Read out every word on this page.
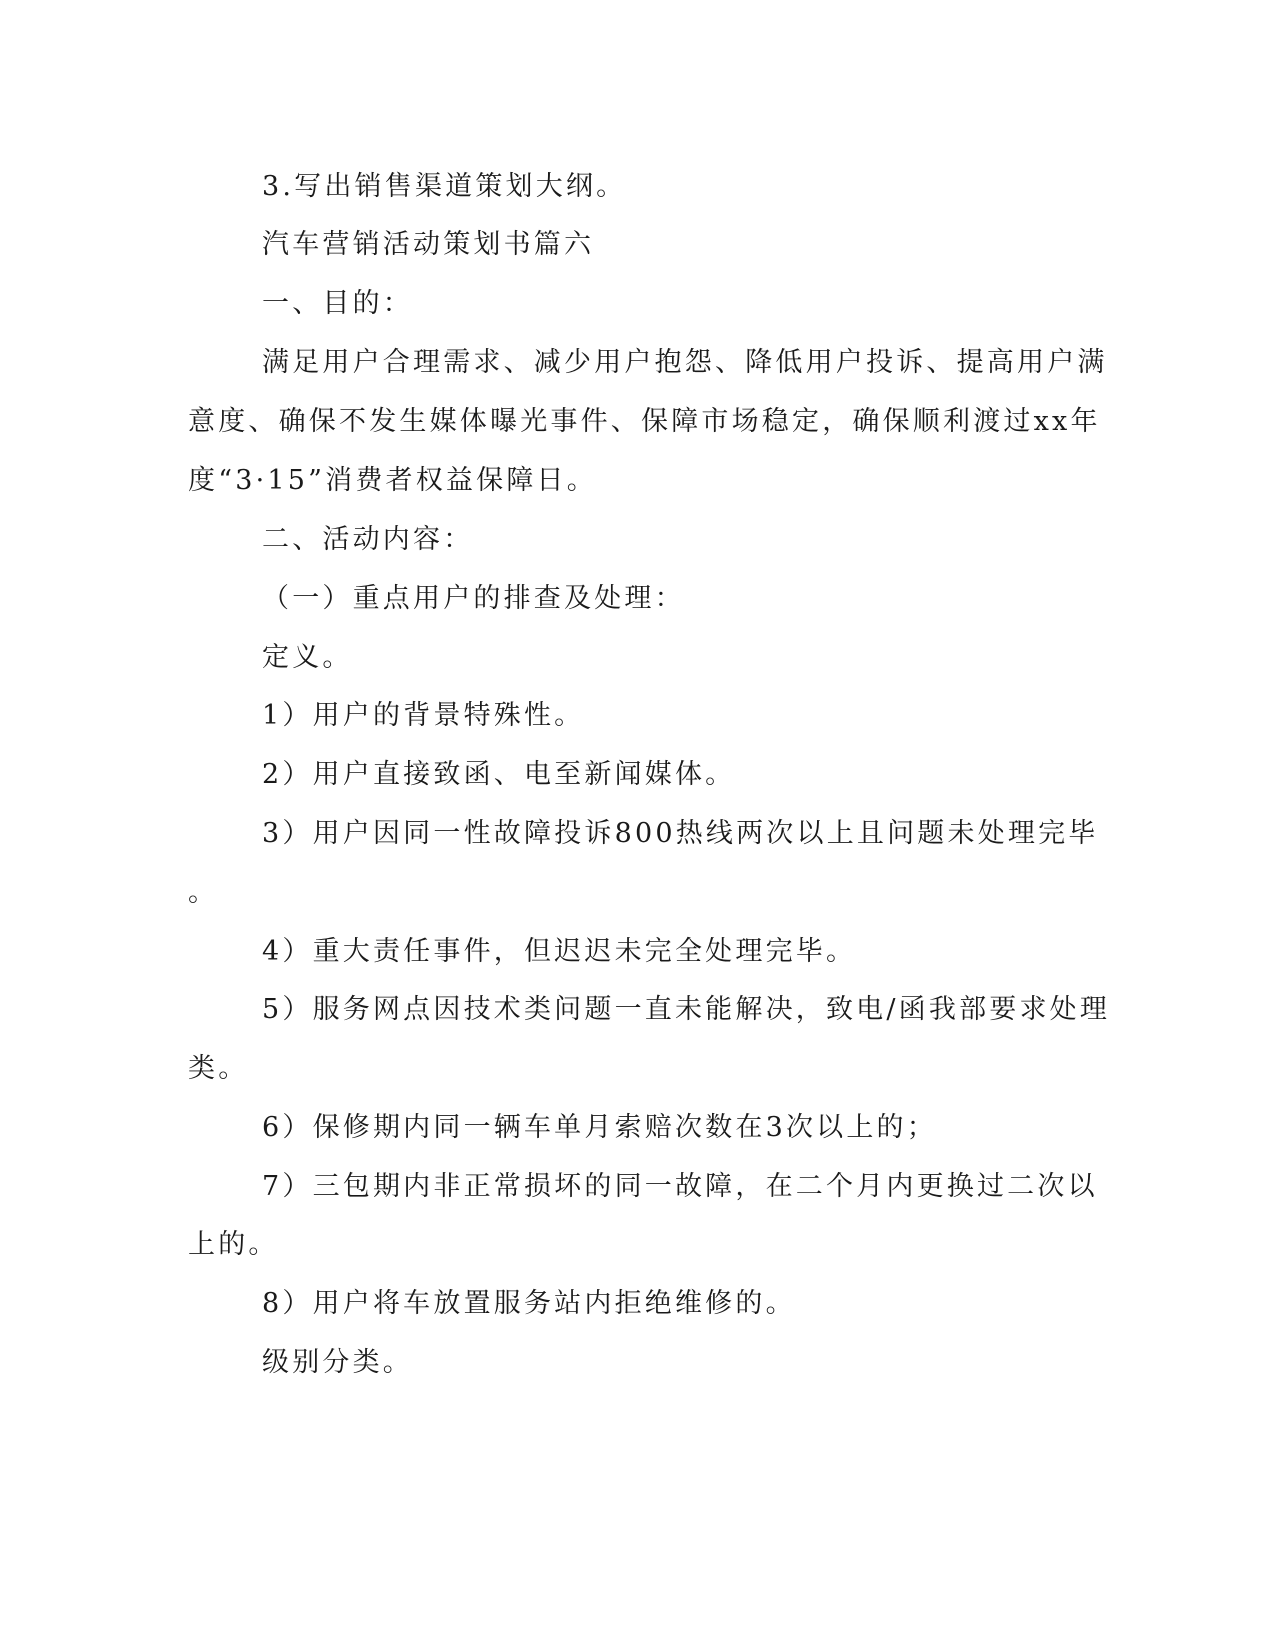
3.写出销售渠道策划大纲。
汽车营销活动策划书篇六
一、目的：
满足用户合理需求、减少用户抱怨、降低用户投诉、提高用户满
意度、确保不发生媒体曝光事件、保障市场稳定，确保顺利渡过xx年
度“3·15”消费者权益保障日。
二、活动内容：
（一）重点用户的排查及处理：
定义。
1）用户的背景特殊性。
2）用户直接致函、电至新闻媒体。
3）用户因同一性故障投诉800热线两次以上且问题未处理完毕
。
4）重大责任事件，但迟迟未完全处理完毕。
5）服务网点因技术类问题一直未能解决，致电/函我部要求处理
类。
6）保修期内同一辆车单月索赔次数在3次以上的；
7）三包期内非正常损坏的同一故障，在二个月内更换过二次以
上的。
8）用户将车放置服务站内拒绝维修的。
级别分类。
